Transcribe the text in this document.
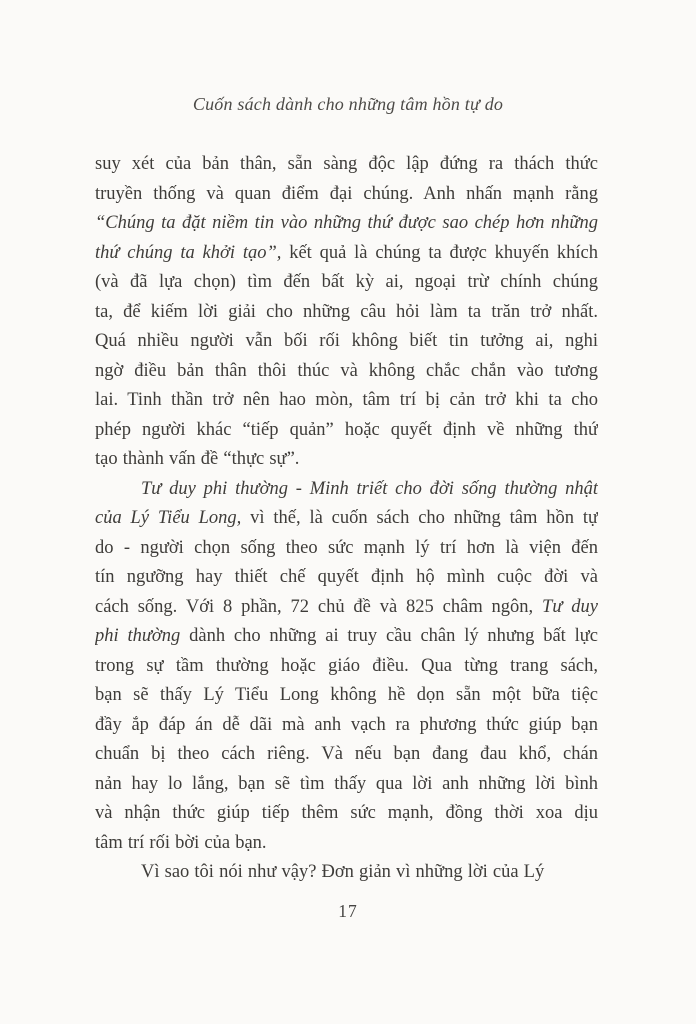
Cuốn sách dành cho những tâm hồn tự do
suy xét của bản thân, sẵn sàng độc lập đứng ra thách thức
truyền thống và quan điểm đại chúng. Anh nhấn mạnh rằng
“Chúng ta đặt niềm tin vào những thứ được sao chép hơn những
thứ chúng ta khởi tạo”, kết quả là chúng ta được khuyến khích
(và đã lựa chọn) tìm đến bất kỳ ai, ngoại trừ chính chúng
ta, để kiếm lời giải cho những câu hỏi làm ta trăn trở nhất.
Quá nhiều người vẫn bối rối không biết tin tưởng ai, nghi
ngờ điều bản thân thôi thúc và không chắc chắn vào tương
lai. Tinh thần trở nên hao mòn, tâm trí bị cản trở khi ta cho
phép người khác “tiếp quản” hoặc quyết định về những thứ
tạo thành vấn đề “thực sự”.
Tư duy phi thường - Minh triết cho đời sống thường nhật
của Lý Tiểu Long, vì thế, là cuốn sách cho những tâm hồn tự
do - người chọn sống theo sức mạnh lý trí hơn là viện đến
tín ngưỡng hay thiết chế quyết định hộ mình cuộc đời và
cách sống. Với 8 phần, 72 chủ đề và 825 châm ngôn, Tư duy
phi thường dành cho những ai truy cầu chân lý nhưng bất lực
trong sự tầm thường hoặc giáo điều. Qua từng trang sách,
bạn sẽ thấy Lý Tiểu Long không hề dọn sẵn một bữa tiệc
đầy ắp đáp án dễ dãi mà anh vạch ra phương thức giúp bạn
chuẩn bị theo cách riêng. Và nếu bạn đang đau khổ, chán
nản hay lo lắng, bạn sẽ tìm thấy qua lời anh những lời bình
và nhận thức giúp tiếp thêm sức mạnh, đồng thời xoa dịu
tâm trí rối bời của bạn.
Vì sao tôi nói như vậy? Đơn giản vì những lời của Lý
17
